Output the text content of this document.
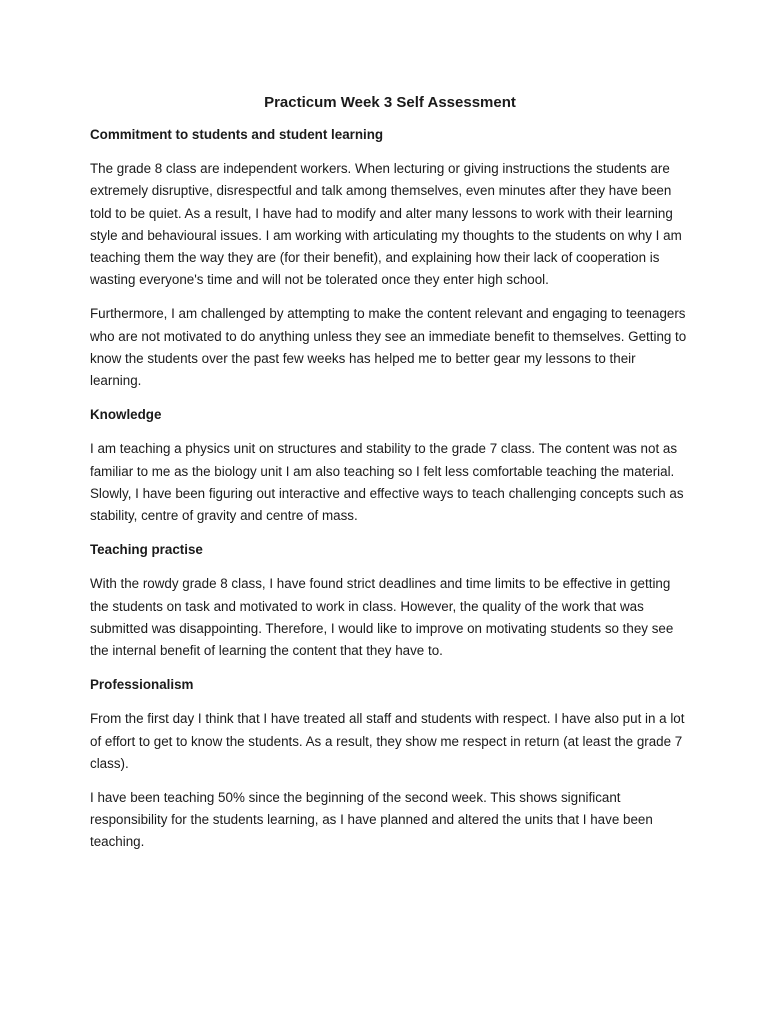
Practicum Week 3 Self Assessment
Commitment to students and student learning

The grade 8 class are independent workers. When lecturing or giving instructions the students are extremely disruptive, disrespectful and talk among themselves, even minutes after they have been told to be quiet. As a result, I have had to modify and alter many lessons to work with their learning style and behavioural issues. I am working with articulating my thoughts to the students on why I am teaching them the way they are (for their benefit), and explaining how their lack of cooperation is wasting everyone's time and will not be tolerated once they enter high school.

Furthermore, I am challenged by attempting to make the content relevant and engaging to teenagers who are not motivated to do anything unless they see an immediate benefit to themselves. Getting to know the students over the past few weeks has helped me to better gear my lessons to their learning.

Knowledge

I am teaching a physics unit on structures and stability to the grade 7 class. The content was not as familiar to me as the biology unit I am also teaching so I felt less comfortable teaching the material. Slowly, I have been figuring out interactive and effective ways to teach challenging concepts such as stability, centre of gravity and centre of mass.

Teaching practise

With the rowdy grade 8 class, I have found strict deadlines and time limits to be effective in getting the students on task and motivated to work in class. However, the quality of the work that was submitted was disappointing. Therefore, I would like to improve on motivating students so they see the internal benefit of learning the content that they have to.

Professionalism

From the first day I think that I have treated all staff and students with respect. I have also put in a lot of effort to get to know the students. As a result, they show me respect in return (at least the grade 7 class).

I have been teaching 50% since the beginning of the second week. This shows significant responsibility for the students learning, as I have planned and altered the units that I have been teaching.
